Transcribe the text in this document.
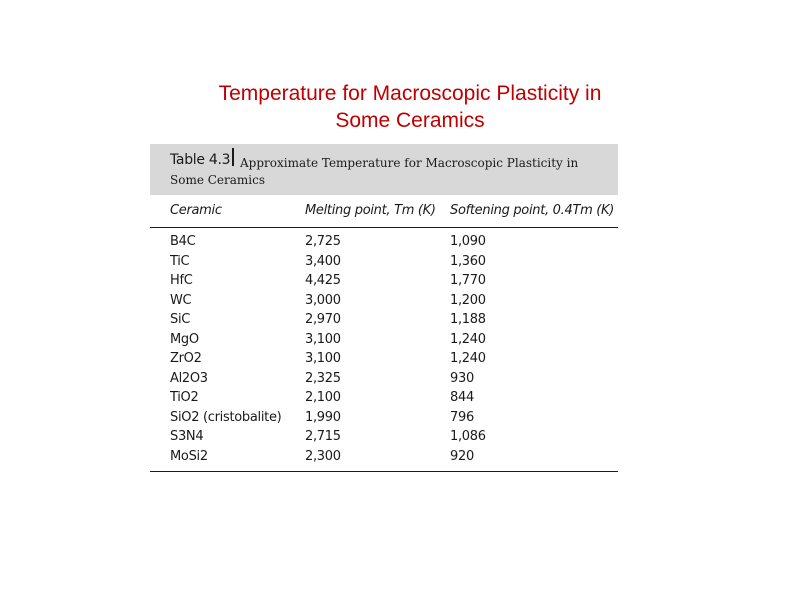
Temperature for Macroscopic Plasticity in
Some Ceramics
Table 4.3 Approximate Temperature for Macroscopic Plasticity in Some Ceramics
Ceramic	Melting point, Tm (K)	Softening point, 0.4Tm (K)
B4C	2,725	1,090
TiC	3,400	1,360
HfC	4,425	1,770
WC	3,000	1,200
SiC	2,970	1,188
MgO	3,100	1,240
ZrO2	3,100	1,240
Al2O3	2,325	930
TiO2	2,100	844
SiO2 (cristobalite)	1,990	796
S3N4	2,715	1,086
MoSi2	2,300	920
